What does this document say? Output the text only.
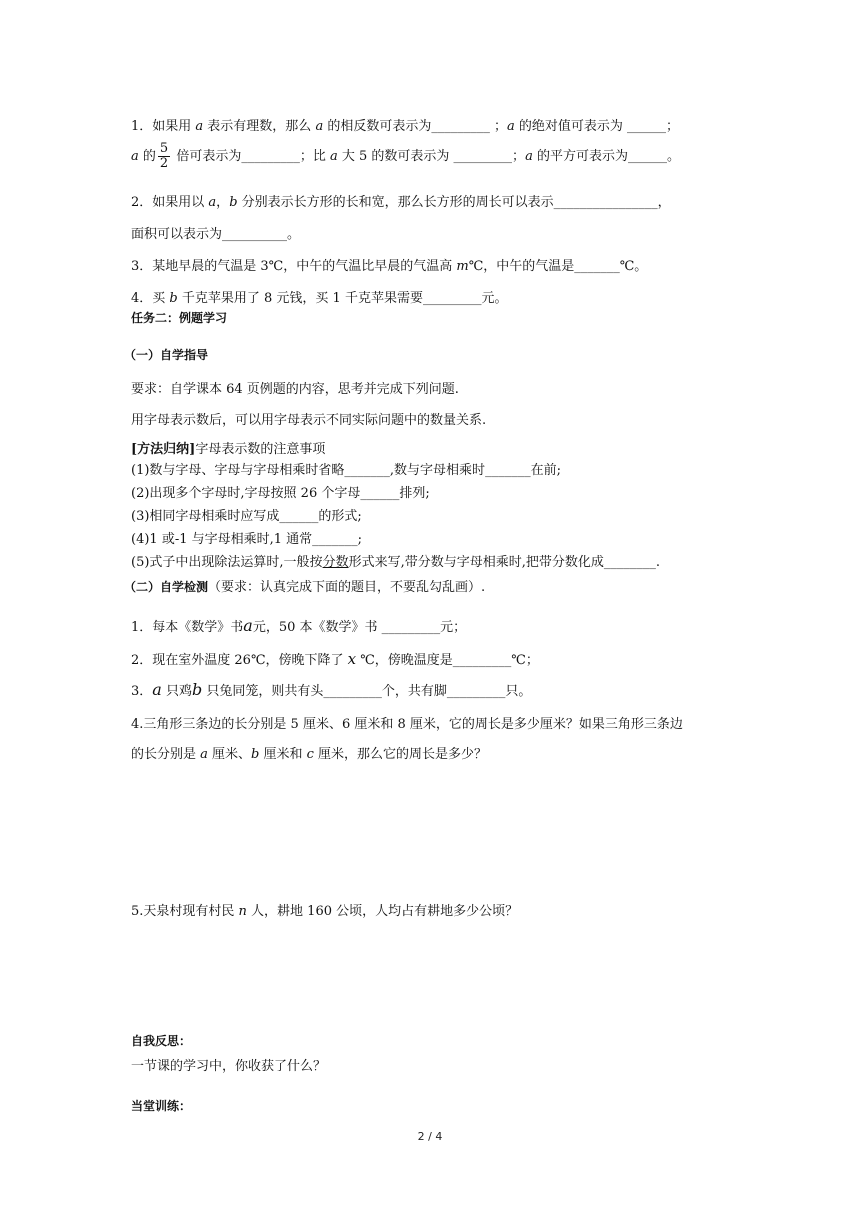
1．如果用 a 表示有理数，那么 a 的相反数可表示为_________ ；a 的绝对值可表示为 ______；
a 的 $\frac{5}{2}$ 倍可表示为_________；比 a 大 5 的数可表示为 _________；a 的平方可表示为______。
2．如果用以 a，b 分别表示长方形的长和宽，那么长方形的周长可以表示________________，
面积可以表示为__________。
3．某地早晨的气温是 3℃，中午的气温比早晨的气温高 m℃，中午的气温是_______℃。
4．买 b 千克苹果用了 8 元钱，买 1 千克苹果需要_________元。
任务二：例题学习
（一）自学指导
要求：自学课本 64 页例题的内容，思考并完成下列问题.
用字母表示数后，可以用字母表示不同实际问题中的数量关系.
[方法归纳]字母表示数的注意事项
(1)数与字母、字母与字母相乘时省略_______,数与字母相乘时_______在前;
(2)出现多个字母时,字母按照 26 个字母______排列;
(3)相同字母相乘时应写成______的形式;
(4)1 或-1 与字母相乘时,1 通常_______;
(5)式子中出现除法运算时,一般按分数形式来写,带分数与字母相乘时,把带分数化成________.
（二）自学检测（要求：认真完成下面的题目，不要乱勾乱画）.
1．每本《数学》书a元，50 本《数学》书 _________元；
2．现在室外温度 26℃，傍晚下降了 x ℃，傍晚温度是_________℃；
3．a 只鸡b 只兔同笼，则共有头_________个，共有脚_________只。
4.三角形三条边的长分别是 5 厘米、6 厘米和 8 厘米，它的周长是多少厘米？如果三角形三条边
的长分别是 a 厘米、b 厘米和 c 厘米，那么它的周长是多少？
5.天泉村现有村民 n 人，耕地 160 公顷，人均占有耕地多少公顷？
自我反思：
一节课的学习中，你收获了什么？
当堂训练：
2 / 4
